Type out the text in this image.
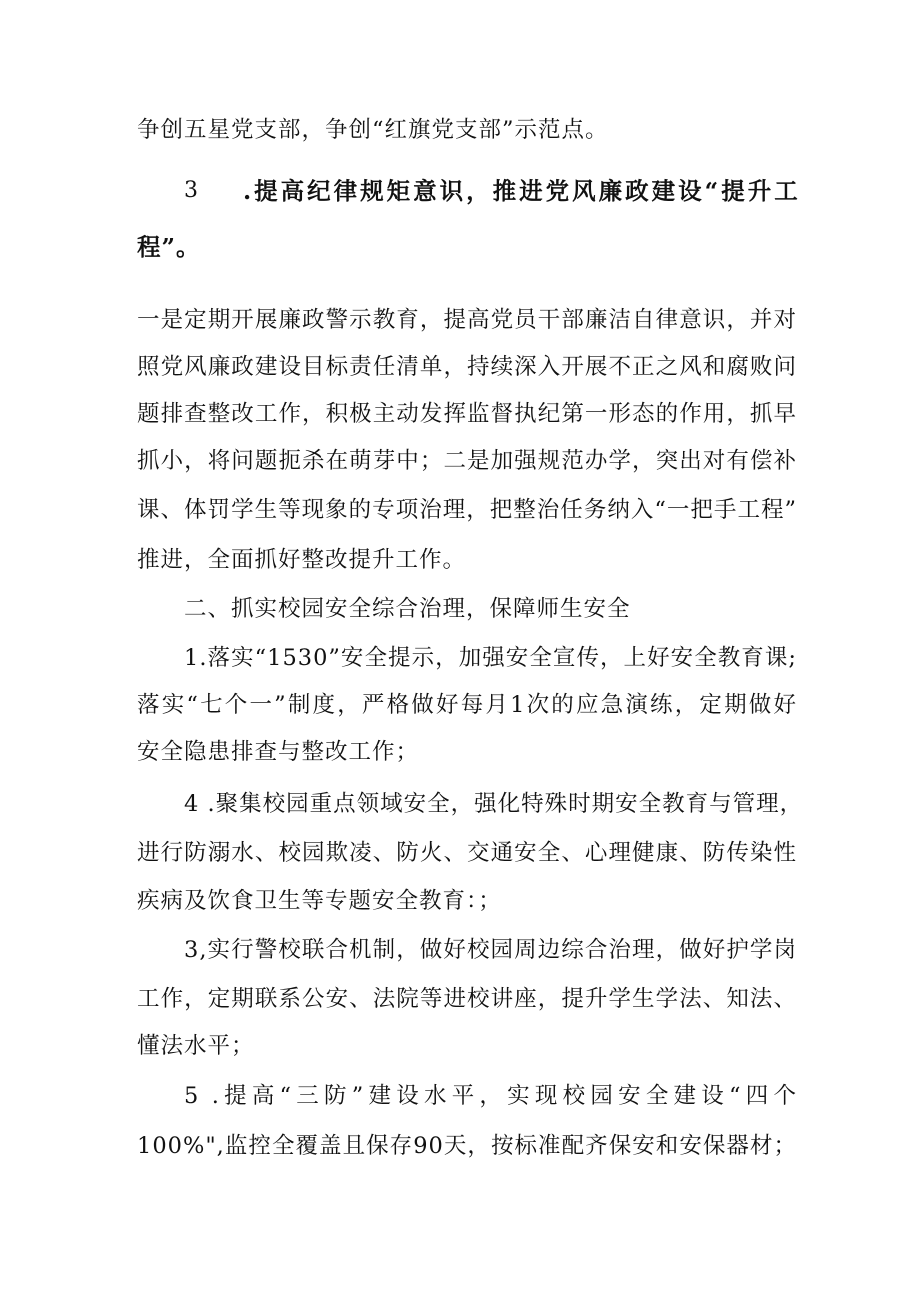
争创五星党支部，争创“红旗党支部”示范点。
3 .提高纪律规矩意识，推进党风廉政建设“提升工
程”。
一是定期开展廉政警示教育，提高党员干部廉洁自律意识，并对
照党风廉政建设目标责任清单，持续深入开展不正之风和腐败问
题排查整改工作，积极主动发挥监督执纪第一形态的作用，抓早
抓小，将问题扼杀在萌芽中；二是加强规范办学，突出对有偿补
课、体罚学生等现象的专项治理，把整治任务纳入“一把手工程”
推进，全面抓好整改提升工作。
二、抓实校园安全综合治理，保障师生安全
1.落实“1530”安全提示，加强安全宣传，上好安全教育课;
落实“七个一”制度，严格做好每月1次的应急演练，定期做好
安全隐患排查与整改工作；
4 .聚集校园重点领域安全，强化特殊时期安全教育与管理，
进行防溺水、校园欺凌、防火、交通安全、心理健康、防传染性
疾病及饮食卫生等专题安全教育：；
3,实行警校联合机制，做好校园周边综合治理，做好护学岗
工作，定期联系公安、法院等进校讲座，提升学生学法、知法、
懂法水平；
5 .提高“三防”建设水平，实现校园安全建设“四个
100%",监控全覆盖且保存90天，按标准配齐保安和安保器材；
